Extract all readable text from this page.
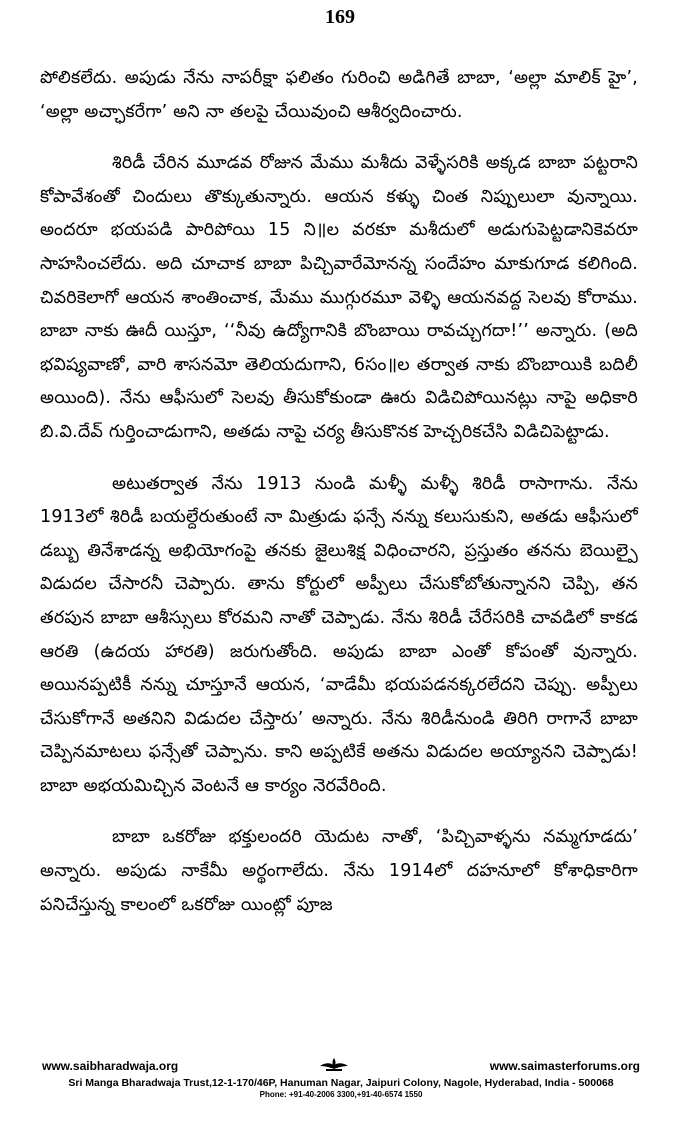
169

పోలికలేదు. అపుడు నేను నాపరీక్షా ఫలితం గురించి అడిగితే బాబా, ‘అల్లా మాలిక్ హై’, ‘అల్లా అచ్ఛాకరేగా’ అని నా తలపై చేయివుంచి ఆశీర్వదించారు.

శిరిడీ చేరిన మూడవ రోజున మేము మశీదు వెళ్ళేసరికి అక్కడ బాబా పట్టరాని కోపావేశంతో చిందులు తొక్కుతున్నారు. ఆయన కళ్ళు చింత నిప్పులులా వున్నాయి. అందరూ భయపడి పారిపోయి 15 ని॥ల వరకూ మశీదులో అడుగుపెట్టడానికెవరూ సాహసించలేదు. అది చూచాక బాబా పిచ్చివారేమోనన్న సందేహం మాకుగూడ కలిగింది. చివరికెలాగో ఆయన శాంతించాక, మేము ముగ్గురమూ వెళ్ళి ఆయనవద్ద సెలవు కోరాము. బాబా నాకు ఊదీ యిస్తూ, ‘‘నీవు ఉద్యోగానికి బొంబాయి రావచ్చుగదా!’’ అన్నారు. (అది భవిష్యవాణో, వారి శాసనమో తెలియదుగాని, 6సం॥ల తర్వాత నాకు బొంబాయికి బదిలీ అయింది). నేను ఆఫీసులో సెలవు తీసుకోకుండా ఊరు విడిచిపోయినట్లు నాపై అధికారి బి.వి.దేవ్ గుర్తించాడుగాని, అతడు నాపై చర్య తీసుకొనక హెచ్చరికచేసి విడిచిపెట్టాడు.

అటుతర్వాత నేను 1913 నుండి మళ్ళీ మళ్ళీ శిరిడీ రాసాగాను. నేను 1913లో శిరిడీ బయల్దేరుతుంటే నా మిత్రుడు ఫన్సే నన్ను కలుసుకుని, అతడు ఆఫీసులో డబ్బు తినేశాడన్న అభియోగంపై తనకు జైలుశిక్ష విధించారని, ప్రస్తుతం తనను బెయిల్పై విడుదల చేసారనీ చెప్పారు. తాను కోర్టులో అప్పీలు చేసుకోబోతున్నానని చెప్పి, తన తరపున బాబా ఆశీస్సులు కోరమని నాతో చెప్పాడు. నేను శిరిడీ చేరేసరికి చావడిలో కాకడ ఆరతి (ఉదయ హారతి) జరుగుతోంది. అపుడు బాబా ఎంతో కోపంతో వున్నారు. అయినప్పటికీ నన్ను చూస్తూనే ఆయన, ‘వాడేమీ భయపడనక్కరలేదని చెప్పు. అప్పీలు చేసుకోగానే అతనిని విడుదల చేస్తారు’ అన్నారు. నేను శిరిడీనుండి తిరిగి రాగానే బాబా చెప్పినమాటలు ఫన్సేతో చెప్పాను. కాని అప్పటికే అతను విడుదల అయ్యానని చెప్పాడు! బాబా అభయమిచ్చిన వెంటనే ఆ కార్యం నెరవేరింది.

బాబా ఒకరోజు భక్తులందరి యెదుట నాతో, ‘పిచ్చివాళ్ళను నమ్మగూడదు’ అన్నారు. అపుడు నాకేమీ అర్థంగాలేదు. నేను 1914లో దహనూలో కోశాధికారిగా పనిచేస్తున్న కాలంలో ఒకరోజు యింట్లో పూజ

www.saibharadwaja.org	www.saimasterforums.org
Sri Manga Bharadwaja Trust,12-1-170/46P, Hanuman Nagar, Jaipuri Colony, Nagole, Hyderabad, India - 500068
Phone: +91-40-2006 3300,+91-40-6574 1550
